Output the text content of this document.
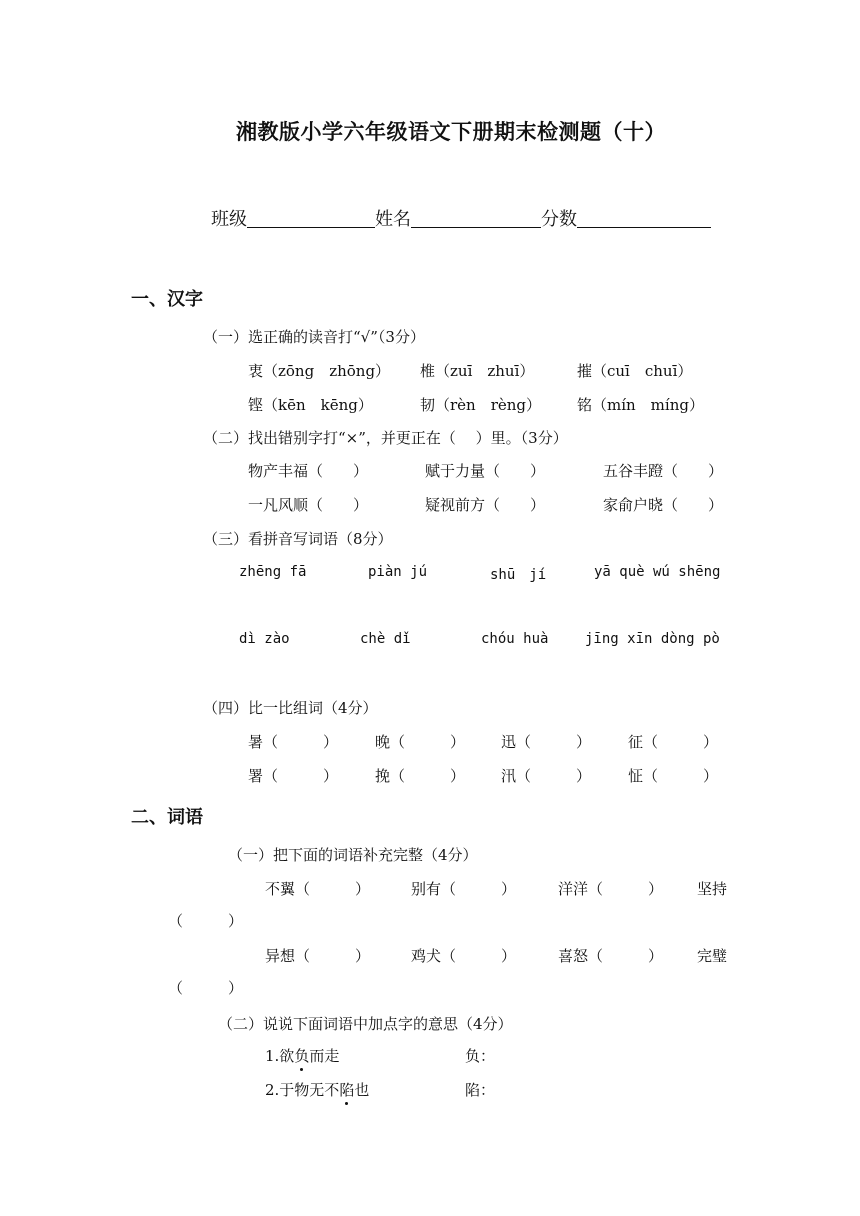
湘教版小学六年级语文下册期末检测题（十）
班级	姓名	分数
一、汉字
（一）选正确的读音打“√”（3分）
衷（zōng　zhōng） 椎（zuī　zhuī）	摧（cuī　chuī）
铿（kēn　kēng）	韧（rèn　rèng） 铭（mín　míng）
（二）找出错别字打“×”，并更正在（　 ）里。（3分）
物产丰福（　　）	赋于力量（　　）	五谷丰蹬（　　）
一凡风顺（　　）	疑视前方（　　）	家俞户晓（　　）
（三）看拼音写词语（8分）
zhēng fā	piàn jú	shū　jí	yā què wú shēng
dì zào	chè dǐ	chóu huà	jīng xīn dòng pò
（四）比一比组词（4分）
暑（　　　） 晚（　　　） 迅（　　　） 征（　　　）
署（　　　） 挽（　　　） 汛（　　　） 怔（　　　）
二、词语
（一）把下面的词语补充完整（4分）
不翼（　　　）	别有（　　　）	洋洋（　　　） 坚持
（　　　）
异想（　　　）	鸡犬（　　　）	喜怒（　　　） 完璧
（　　　）
（二）说说下面词语中加点字的意思（4分）
1.欲负而走	负：
2.于物无不陷也	陷：
